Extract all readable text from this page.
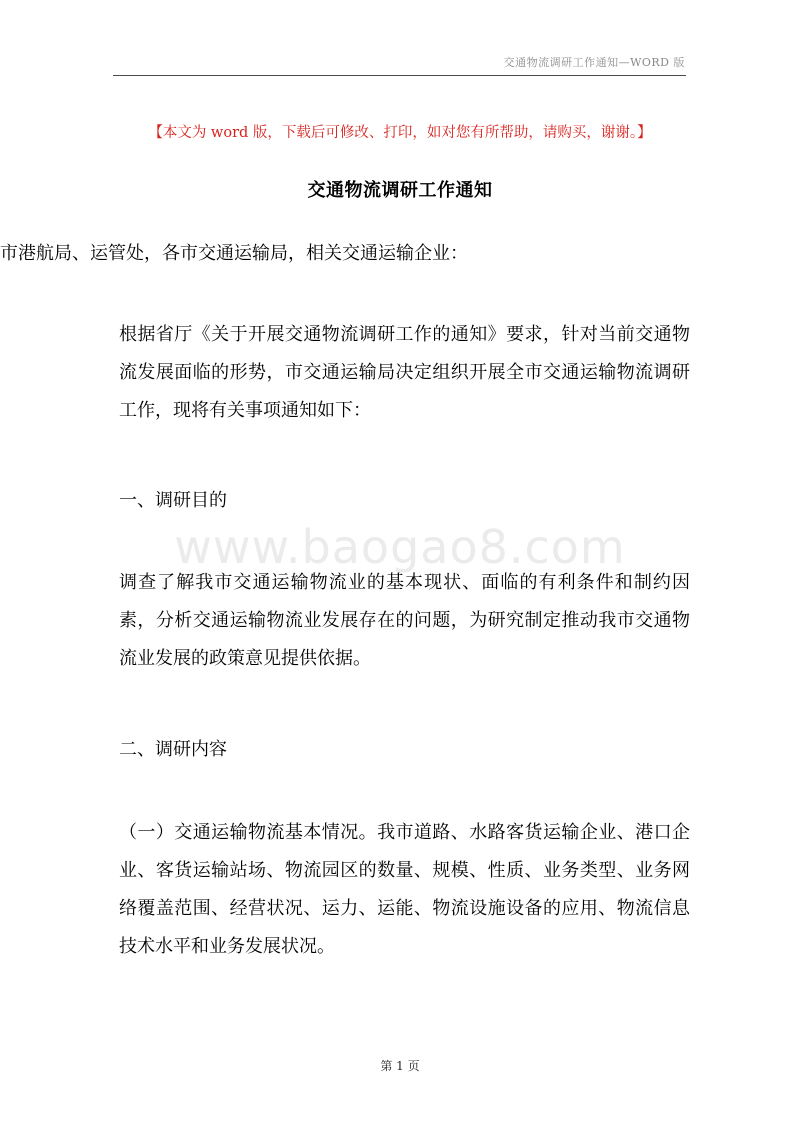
交通物流调研工作通知—WORD 版
【本文为 word 版，下载后可修改、打印，如对您有所帮助，请购买，谢谢。】
交通物流调研工作通知

市港航局、运管处，各市交通运输局，相关交通运输企业：

根据省厅《关于开展交通物流调研工作的通知》要求，针对当前交通物流发展面临的形势，市交通运输局决定组织开展全市交通运输物流调研工作，现将有关事项通知如下：

一、调研目的

www.baogao8.com

调查了解我市交通运输物流业的基本现状、面临的有利条件和制约因素，分析交通运输物流业发展存在的问题，为研究制定推动我市交通物流业发展的政策意见提供依据。

二、调研内容

（一）交通运输物流基本情况。我市道路、水路客货运输企业、港口企业、客货运输站场、物流园区的数量、规模、性质、业务类型、业务网络覆盖范围、经营状况、运力、运能、物流设施设备的应用、物流信息技术水平和业务发展状况。

第 1 页
